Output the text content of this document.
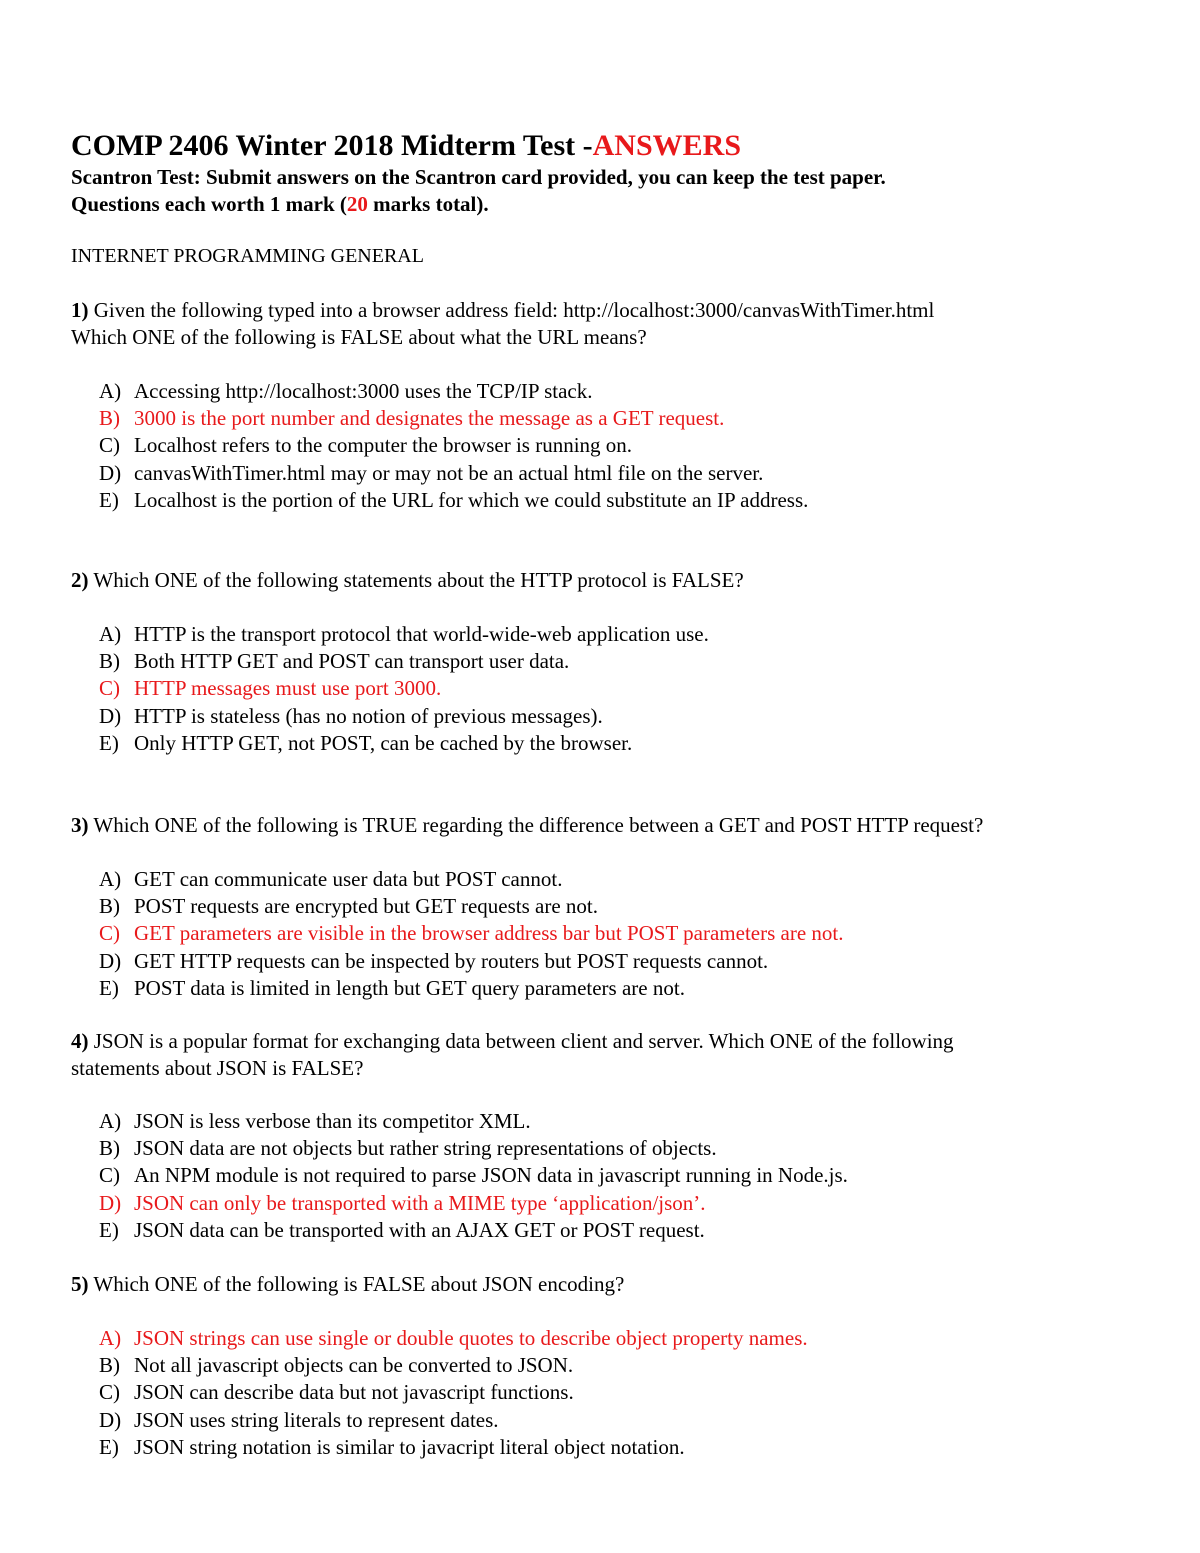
COMP 2406 Winter 2018 Midterm Test -ANSWERS

Scantron Test: Submit answers on the Scantron card provided, you can keep the test paper.

Questions each worth 1 mark (20 marks total).

INTERNET PROGRAMMING GENERAL

1) Given the following typed into a browser address field: http://localhost:3000/canvasWithTimer.html

Which ONE of the following is FALSE about what the URL means?

A) Accessing http://localhost:3000 uses the TCP/IP stack.

B) 3000 is the port number and designates the message as a GET request.

C) Localhost refers to the computer the browser is running on.

D) canvasWithTimer.html may or may not be an actual html file on the server.

E) Localhost is the portion of the URL for which we could substitute an IP address.

2) Which ONE of the following statements about the HTTP protocol is FALSE?

A) HTTP is the transport protocol that world-wide-web application use.

B) Both HTTP GET and POST can transport user data.

C) HTTP messages must use port 3000.

D) HTTP is stateless (has no notion of previous messages).

E) Only HTTP GET, not POST, can be cached by the browser.

3) Which ONE of the following is TRUE regarding the difference between a GET and POST HTTP request?

A) GET can communicate user data but POST cannot.

B) POST requests are encrypted but GET requests are not.

C) GET parameters are visible in the browser address bar but POST parameters are not.

D) GET HTTP requests can be inspected by routers but POST requests cannot.

E) POST data is limited in length but GET query parameters are not.

4) JSON is a popular format for exchanging data between client and server. Which ONE of the following

statements about JSON is FALSE?

A) JSON is less verbose than its competitor XML.

B) JSON data are not objects but rather string representations of objects.

C) An NPM module is not required to parse JSON data in javascript running in Node.js.

D) JSON can only be transported with a MIME type ‘application/json’.

E) JSON data can be transported with an AJAX GET or POST request.

5) Which ONE of the following is FALSE about JSON encoding?

A) JSON strings can use single or double quotes to describe object property names.

B) Not all javascript objects can be converted to JSON.

C) JSON can describe data but not javascript functions.

D) JSON uses string literals to represent dates.

E) JSON string notation is similar to javacript literal object notation.
